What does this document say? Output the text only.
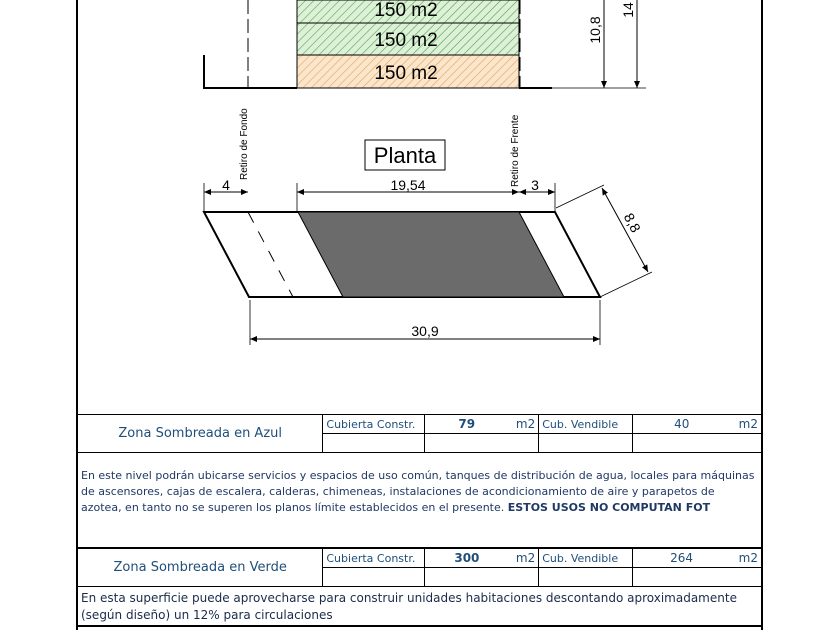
150 m2
150 m2
150 m2
10,8
14
Retiro de Fondo	Retiro de Frente
Planta
4	19,54	3
8,8
30,9
Zona Sombreada en Azul	Cubierta Constr.	79 m2	Cub. Vendible	40 m2

En este nivel podrán ubicarse servicios y espacios de uso común, tanques de distribución de agua, locales para máquinas de ascensores, cajas de escalera, calderas, chimeneas, instalaciones de acondicionamiento de aire y parapetos de azotea, en tanto no se superen los planos límite establecidos en el presente. ESTOS USOS NO COMPUTAN FOT
Zona Sombreada en Verde	Cubierta Constr.	300 m2	Cub. Vendible	264 m2

En esta superficie puede aprovecharse para construir unidades habitaciones descontando aproximadamente (según diseño) un 12% para circulaciones
